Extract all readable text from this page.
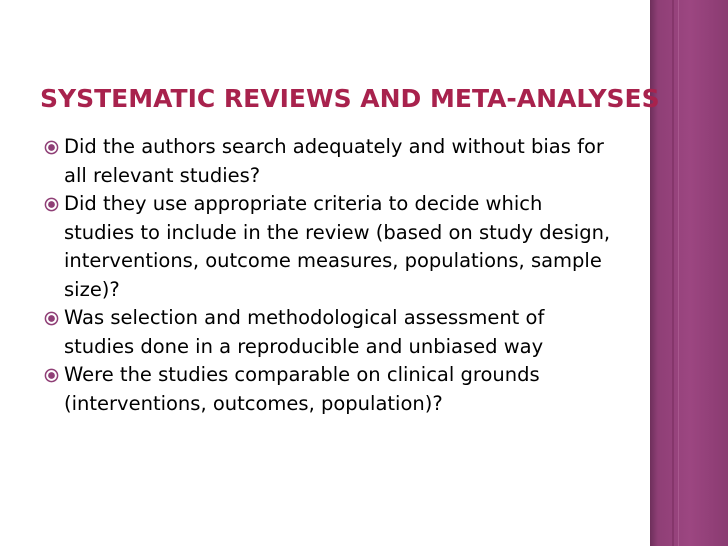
SYSTEMATIC REVIEWS AND META-ANALYSES
Did the authors search adequately and without bias for all relevant studies?
Did they use appropriate criteria to decide which studies to include in the review (based on study design, interventions, outcome measures, populations, sample size)?
Was selection and methodological assessment of studies done in a reproducible and unbiased way
Were the studies comparable on clinical grounds (interventions, outcomes, population)?
